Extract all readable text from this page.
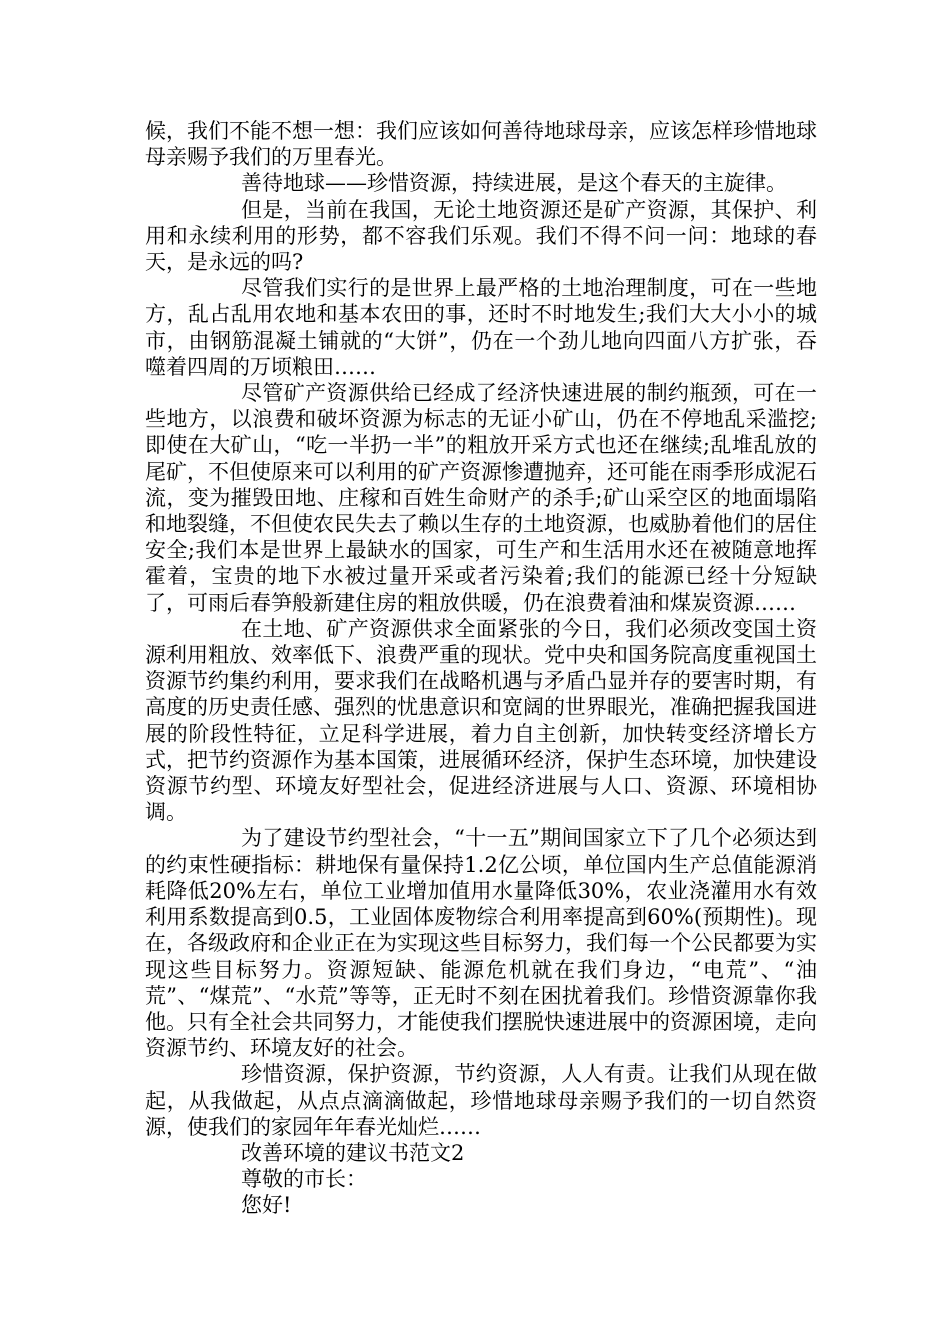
候，我们不能不想一想：我们应该如何善待地球母亲，应该怎样珍惜地球母亲赐予我们的万里春光。

善待地球——珍惜资源，持续进展，是这个春天的主旋律。

但是，当前在我国，无论土地资源还是矿产资源，其保护、利用和永续利用的形势，都不容我们乐观。我们不得不问一问：地球的春天，是永远的吗?

尽管我们实行的是世界上最严格的土地治理制度，可在一些地方，乱占乱用农地和基本农田的事，还时不时地发生;我们大大小小的城市，由钢筋混凝土铺就的“大饼”，仍在一个劲儿地向四面八方扩张，吞噬着四周的万顷粮田……

尽管矿产资源供给已经成了经济快速进展的制约瓶颈，可在一些地方，以浪费和破坏资源为标志的无证小矿山，仍在不停地乱采滥挖;即使在大矿山，“吃一半扔一半”的粗放开采方式也还在继续;乱堆乱放的尾矿，不但使原来可以利用的矿产资源惨遭抛弃，还可能在雨季形成泥石流，变为摧毁田地、庄稼和百姓生命财产的杀手;矿山采空区的地面塌陷和地裂缝，不但使农民失去了赖以生存的土地资源，也威胁着他们的居住安全;我们本是世界上最缺水的国家，可生产和生活用水还在被随意地挥霍着，宝贵的地下水被过量开采或者污染着;我们的能源已经十分短缺了，可雨后春笋般新建住房的粗放供暖，仍在浪费着油和煤炭资源……

在土地、矿产资源供求全面紧张的今日，我们必须改变国土资源利用粗放、效率低下、浪费严重的现状。党中央和国务院高度重视国土资源节约集约利用，要求我们在战略机遇与矛盾凸显并存的要害时期，有高度的历史责任感、强烈的忧患意识和宽阔的世界眼光，准确把握我国进展的阶段性特征，立足科学进展，着力自主创新，加快转变经济增长方式，把节约资源作为基本国策，进展循环经济，保护生态环境，加快建设资源节约型、环境友好型社会，促进经济进展与人口、资源、环境相协调。

为了建设节约型社会，“十一五”期间国家立下了几个必须达到的约束性硬指标：耕地保有量保持1.2亿公顷，单位国内生产总值能源消耗降低20%左右，单位工业增加值用水量降低30%，农业浇灌用水有效利用系数提高到0.5，工业固体废物综合利用率提高到60%(预期性)。现在，各级政府和企业正在为实现这些目标努力，我们每一个公民都要为实现这些目标努力。资源短缺、能源危机就在我们身边，“电荒”、“油荒”、“煤荒”、“水荒”等等，正无时不刻在困扰着我们。珍惜资源靠你我他。只有全社会共同努力，才能使我们摆脱快速进展中的资源困境，走向资源节约、环境友好的社会。

珍惜资源，保护资源，节约资源，人人有责。让我们从现在做起，从我做起，从点点滴滴做起，珍惜地球母亲赐予我们的一切自然资源，使我们的家园年年春光灿烂……

改善环境的建议书范文2

尊敬的市长：

您好!
